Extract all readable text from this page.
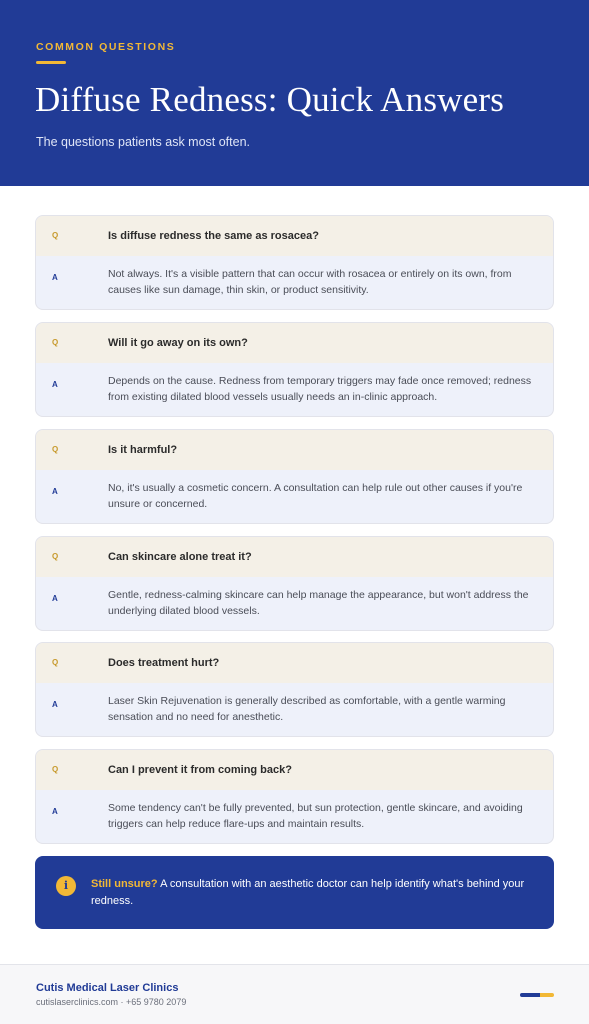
COMMON QUESTIONS
Diffuse Redness: Quick Answers
The questions patients ask most often.
Q	Is diffuse redness the same as rosacea?
A	Not always. It's a visible pattern that can occur with rosacea or entirely on its own, from causes like sun damage, thin skin, or product sensitivity.

Q	Will it go away on its own?
A	Depends on the cause. Redness from temporary triggers may fade once removed; redness from existing dilated blood vessels usually needs an in-clinic approach.

Q	Is it harmful?
A	No, it's usually a cosmetic concern. A consultation can help rule out other causes if you're unsure or concerned.

Q	Can skincare alone treat it?
A	Gentle, redness-calming skincare can help manage the appearance, but won't address the underlying dilated blood vessels.

Q	Does treatment hurt?
A	Laser Skin Rejuvenation is generally described as comfortable, with a gentle warming sensation and no need for anesthetic.

Q	Can I prevent it from coming back?
A	Some tendency can't be fully prevented, but sun protection, gentle skincare, and avoiding triggers can help reduce flare-ups and maintain results.

i	Still unsure? A consultation with an aesthetic doctor can help identify what's behind your redness.

Cutis Medical Laser Clinics
cutislaserclinics.com · +65 9780 2079
